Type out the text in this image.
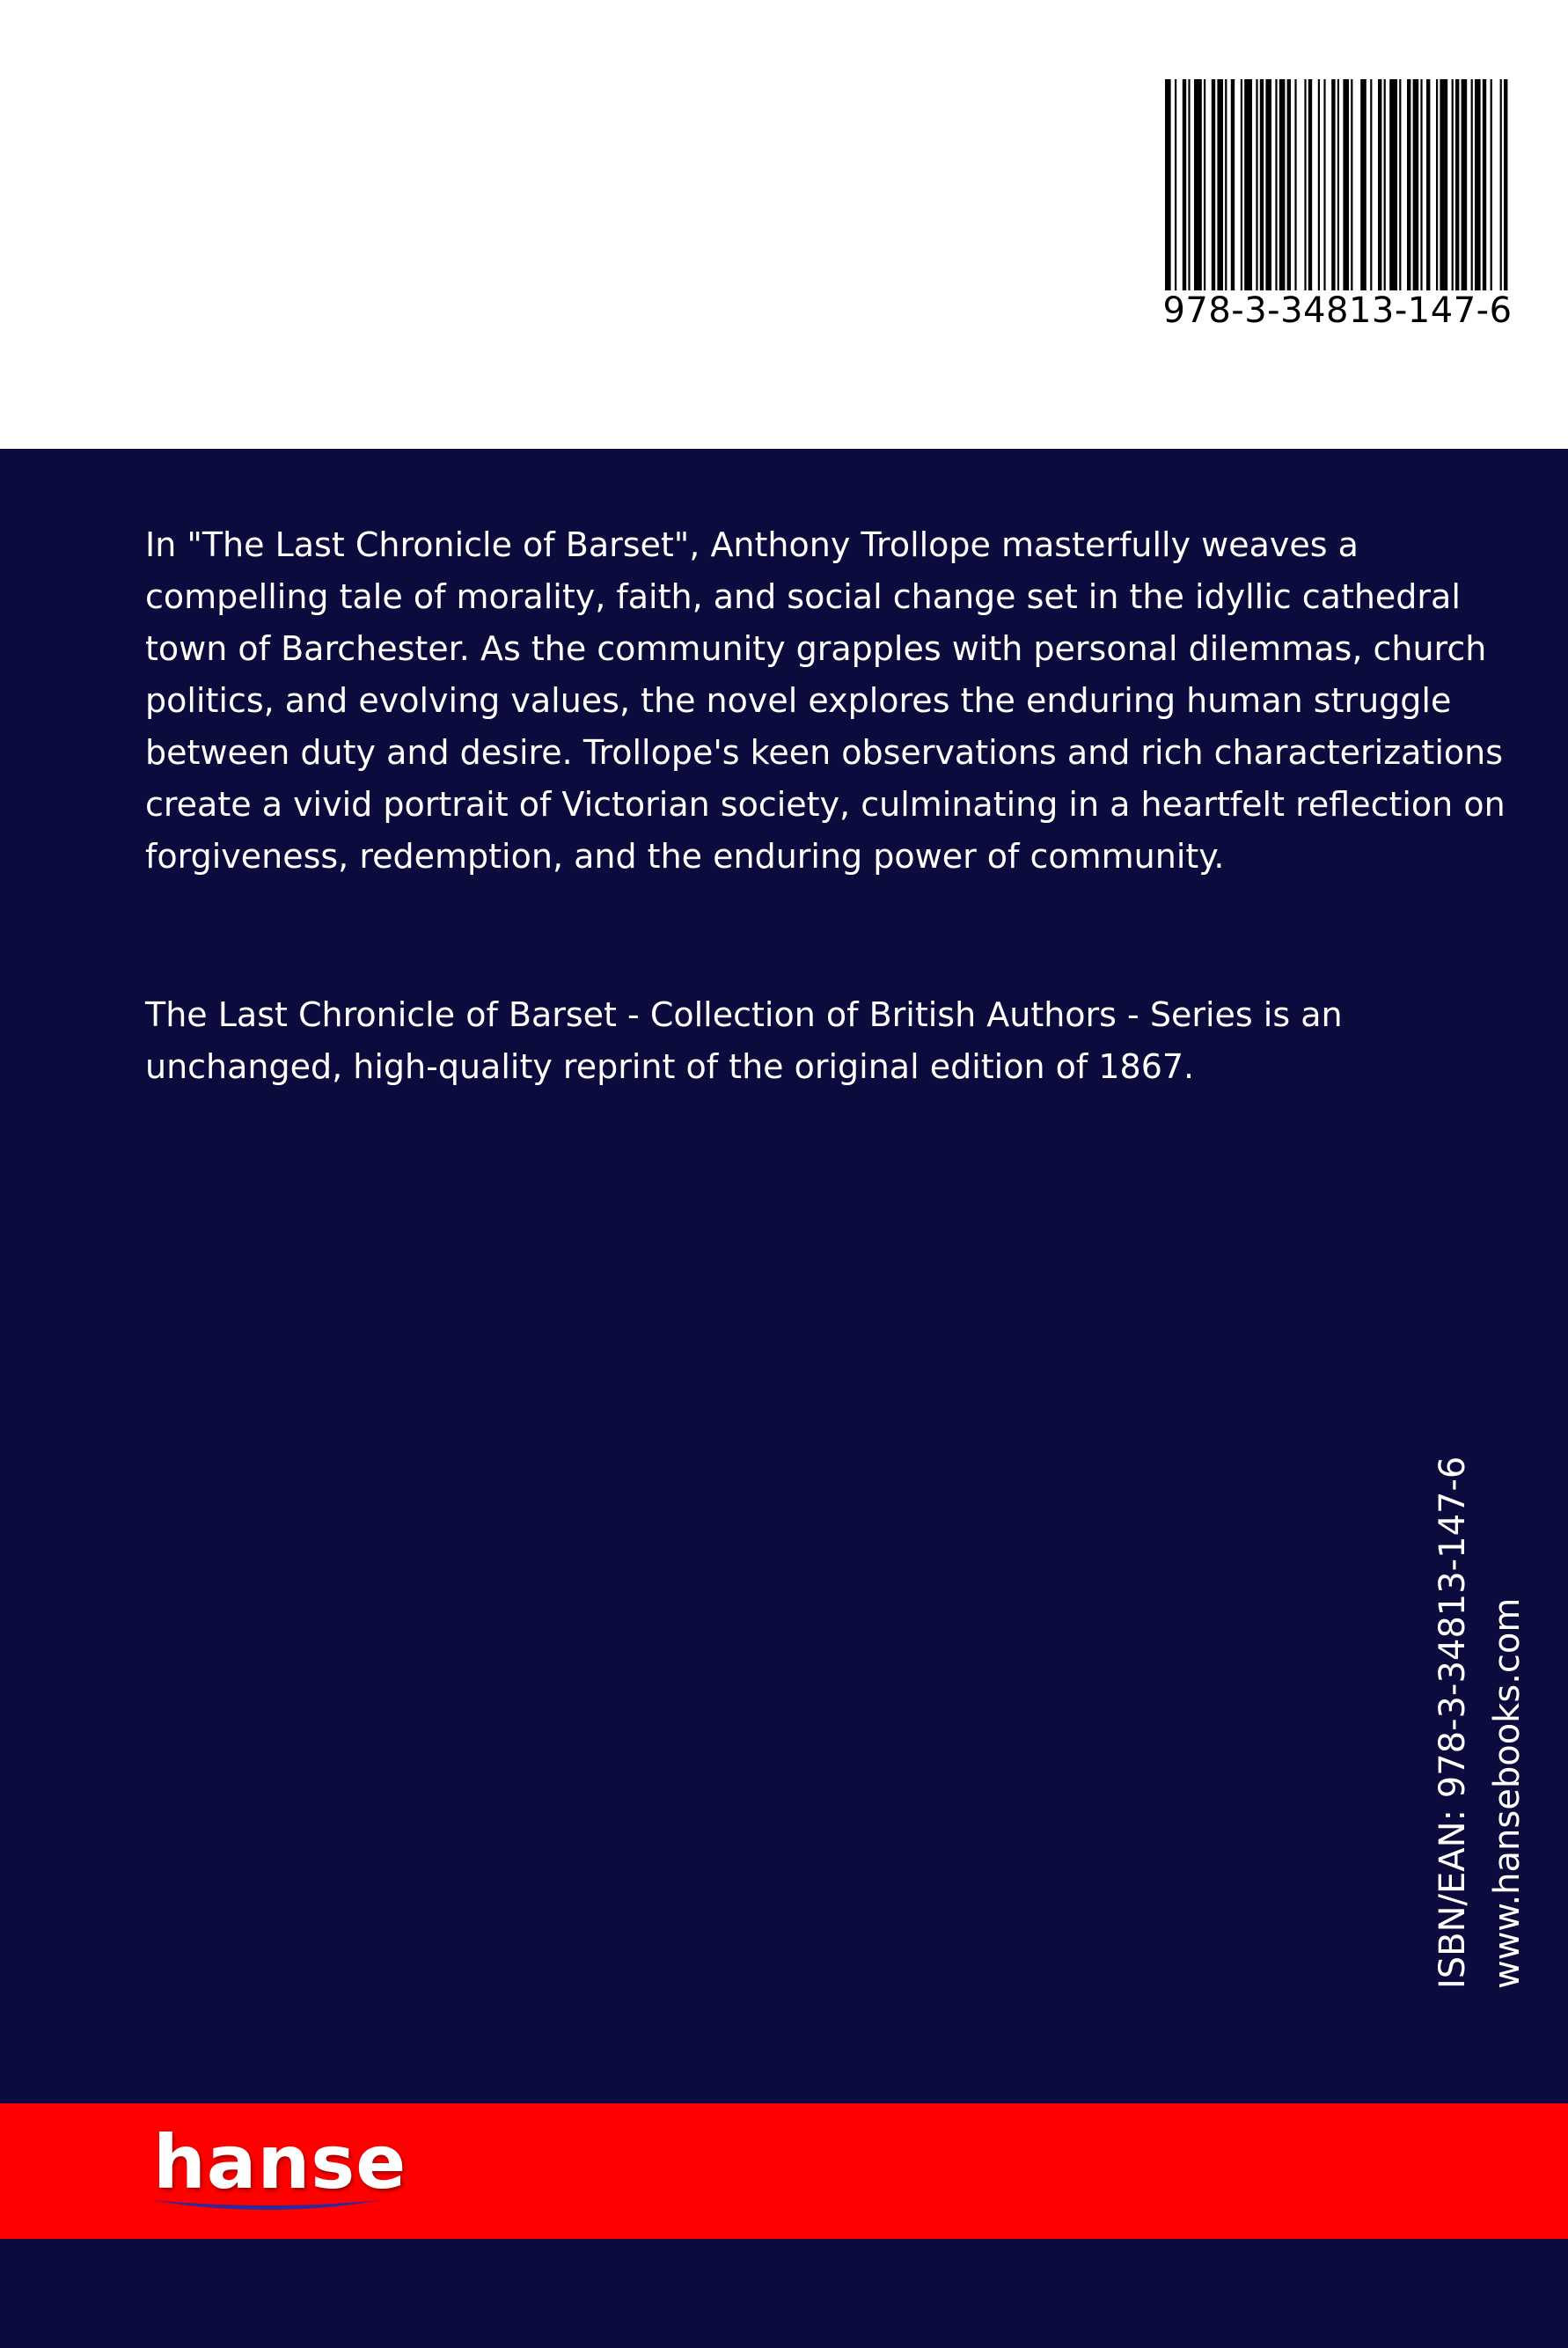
978-3-34813-147-6

In "The Last Chronicle of Barset", Anthony Trollope masterfully weaves a compelling tale of morality, faith, and social change set in the idyllic cathedral town of Barchester. As the community grapples with personal dilemmas, church politics, and evolving values, the novel explores the enduring human struggle between duty and desire. Trollope's keen observations and rich characterizations create a vivid portrait of Victorian society, culminating in a heartfelt reflection on forgiveness, redemption, and the enduring power of community.

The Last Chronicle of Barset - Collection of British Authors - Series is an unchanged, high-quality reprint of the original edition of 1867.

ISBN/EAN: 978-3-34813-147-6 www.hansebooks.com
hanse
